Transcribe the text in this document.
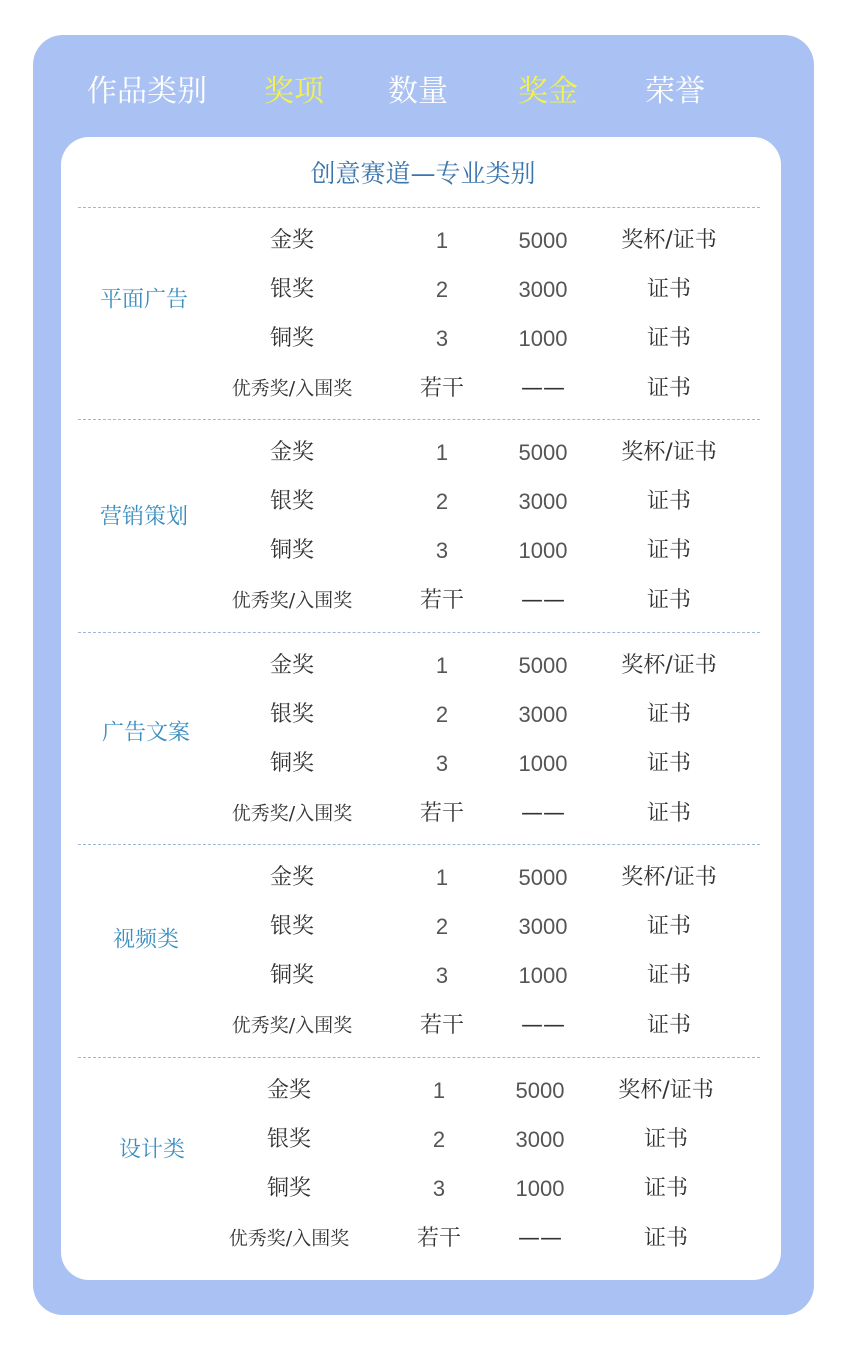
作品类别 奖项 数量 奖金 荣誉
创意赛道—专业类别
平面广告
金奖	1	5000 奖杯/证书
银奖	2	3000	证书
铜奖	3	1000	证书
优秀奖/入围奖	若干	——	证书
营销策划
金奖	1	5000 奖杯/证书
银奖	2	3000	证书
铜奖	3	1000	证书
优秀奖/入围奖	若干	——	证书
广告文案
金奖	1	5000 奖杯/证书
银奖	2	3000	证书
铜奖	3	1000	证书
优秀奖/入围奖	若干	——	证书
视频类
金奖	1	5000 奖杯/证书
银奖	2	3000	证书
铜奖	3	1000	证书
优秀奖/入围奖	若干	——	证书
设计类
金奖	1	5000 奖杯/证书
银奖	2	3000	证书
铜奖	3	1000	证书
优秀奖/入围奖	若干	——	证书
